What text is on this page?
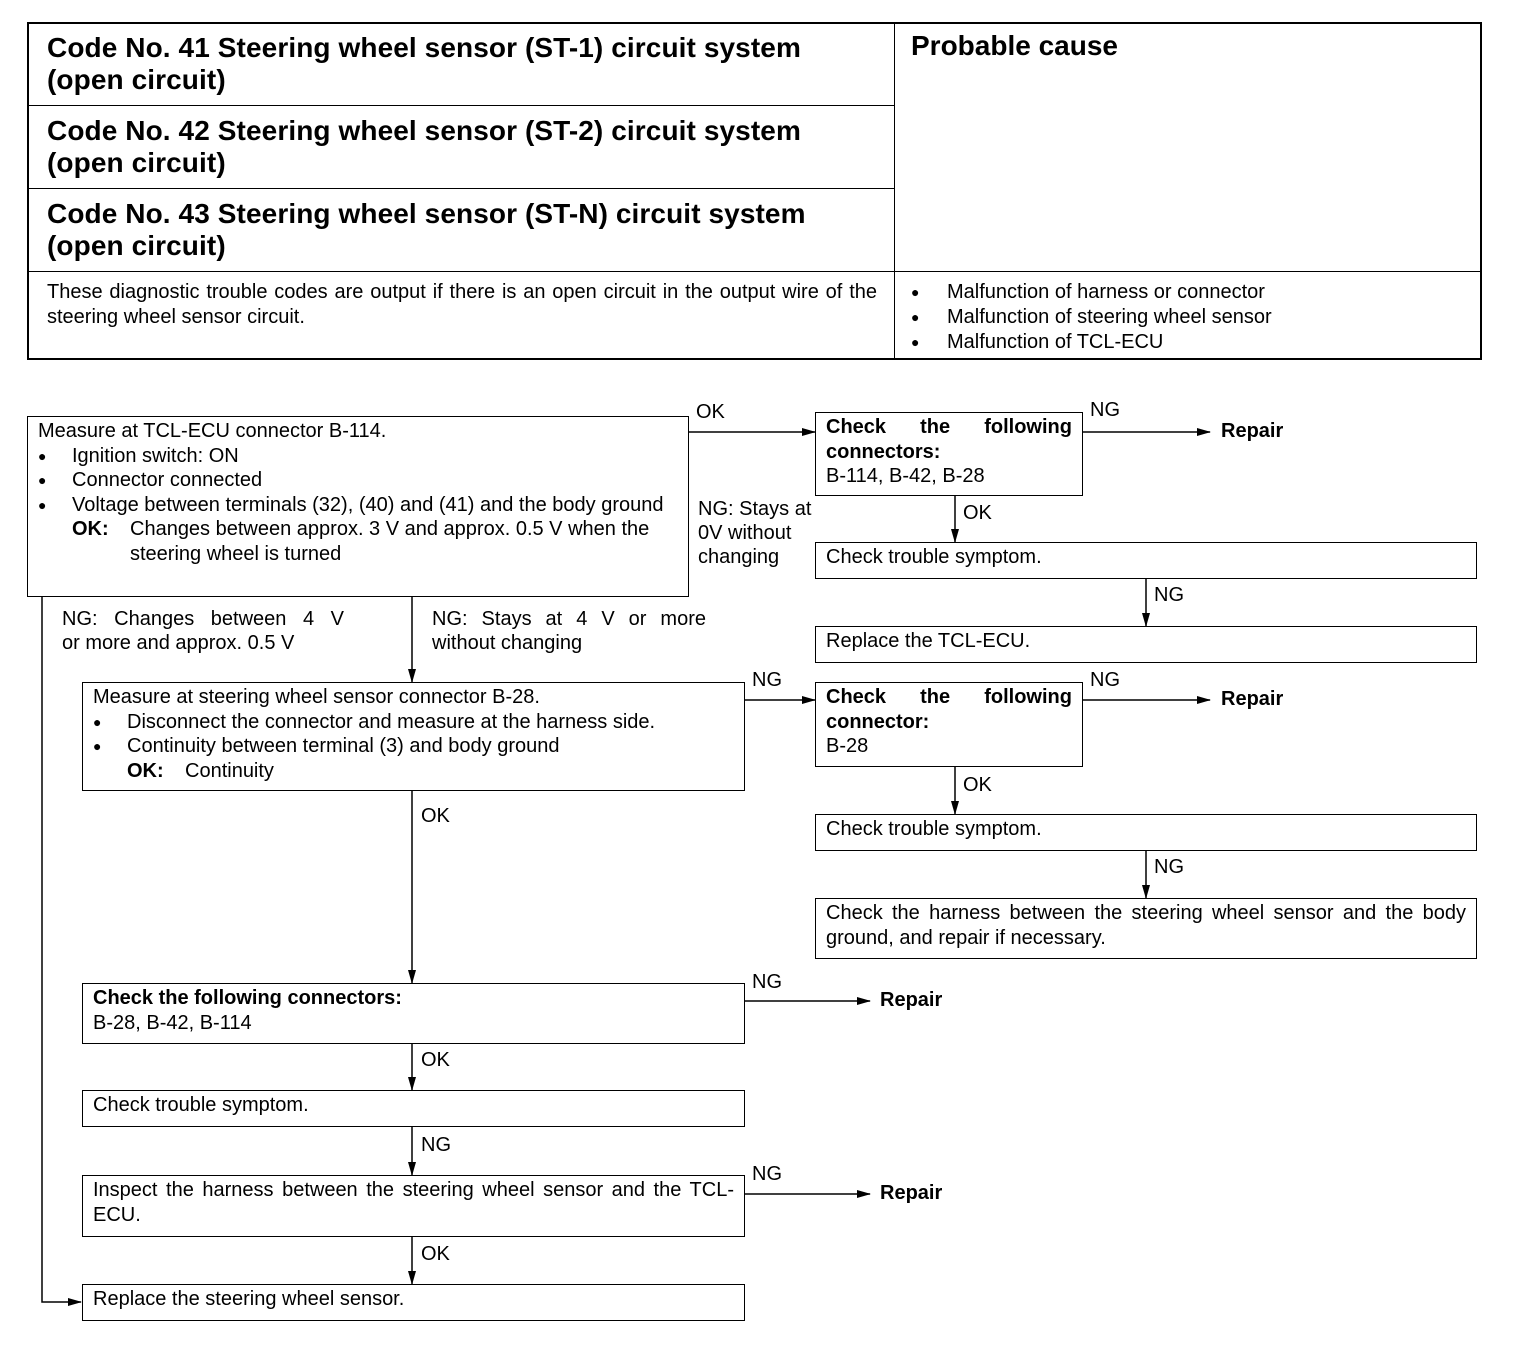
Code No. 41 Steering wheel sensor (ST-1) circuit system
(open circuit)
Code No. 42 Steering wheel sensor (ST-2) circuit system
(open circuit)
Code No. 43 Steering wheel sensor (ST-N) circuit system
(open circuit)
Probable cause
These diagnostic trouble codes are output if there is an open circuit in the output wire of the steering wheel sensor circuit.
● Malfunction of harness or connector
● Malfunction of steering wheel sensor
● Malfunction of TCL-ECU
Measure at TCL-ECU connector B-114.
● Ignition switch: ON
● Connector connected
● Voltage between terminals (32), (40) and (41) and the body ground
OK:	Changes between approx. 3 V and approx. 0.5 V when the steering wheel is turned
OK
NG: Stays at
0V without
changing
NG: Changes between 4 V
or more and approx. 0.5 V
NG: Stays at 4 V or more
without changing
Check the following
connectors:
B-114, B-42, B-28
NG
Repair
OK
Check trouble symptom.
NG
Replace the TCL-ECU.
Measure at steering wheel sensor connector B-28.
● Disconnect the connector and measure at the harness side.
● Continuity between terminal (3) and body ground
OK:	Continuity
NG
OK
Check the following
connector:
B-28
NG
Repair
OK
Check trouble symptom.
NG
Check the harness between the steering wheel sensor and the body ground, and repair if necessary.
Check the following connectors:
B-28, B-42, B-114
NG
Repair
OK
Check trouble symptom.
NG
Inspect the harness between the steering wheel sensor and the TCL-ECU.
NG
Repair
OK
Replace the steering wheel sensor.
